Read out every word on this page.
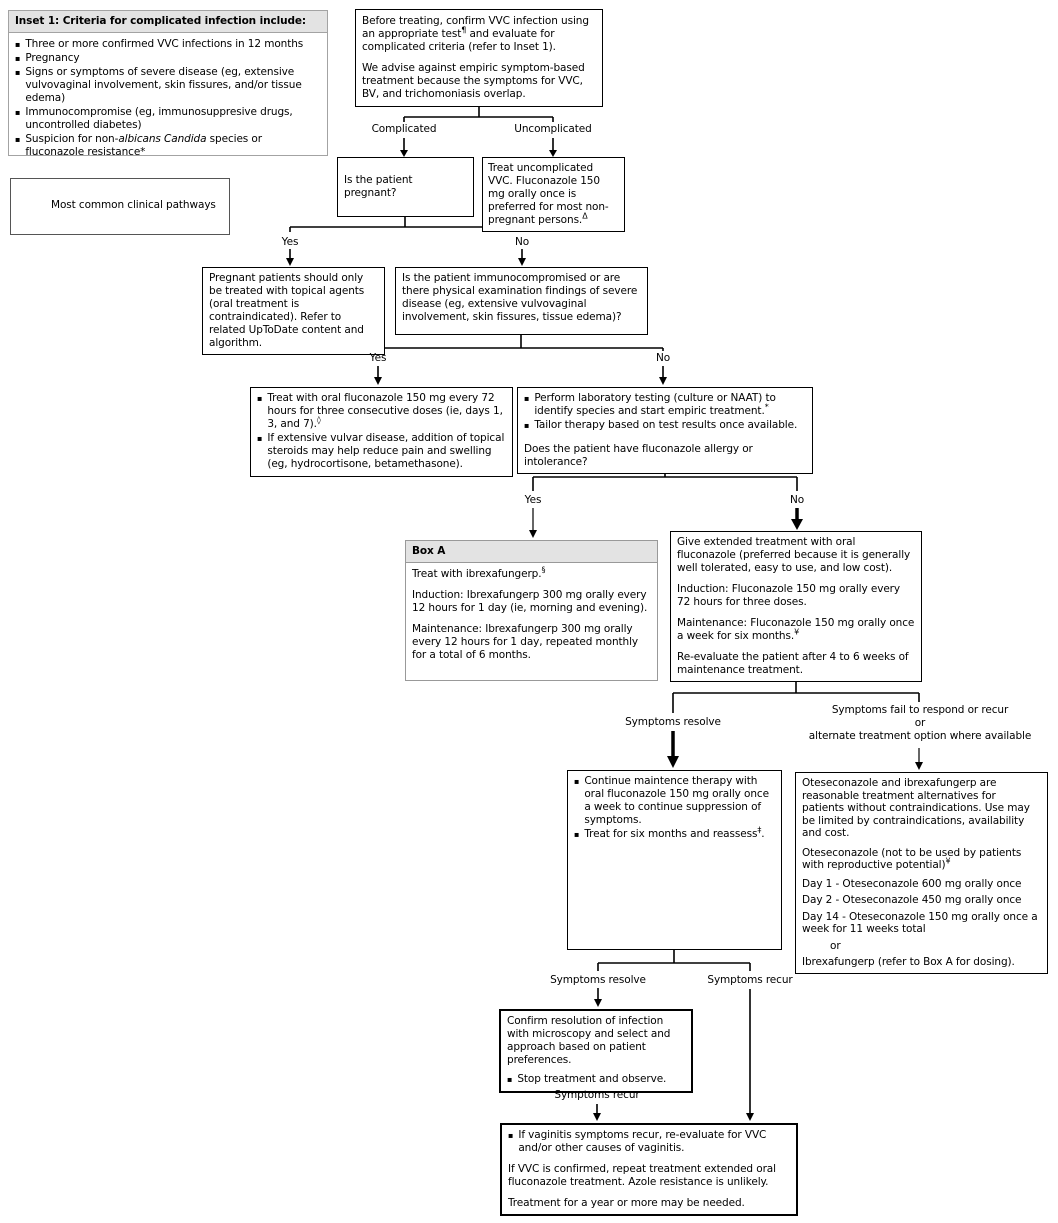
Inset 1: Criteria for complicated infection include:
▪ Three or more confirmed VVC infections in 12 months
▪ Pregnancy
▪ Signs or symptoms of severe disease (eg, extensive vulvovaginal involvement, skin fissures, and/or tissue edema)
▪ Immunocompromise (eg, immunosuppresive drugs, uncontrolled diabetes)
▪ Suspicion for non-albicans Candida species or fluconazole resistance*
Most common clinical pathways

Before treating, confirm VVC infection using an appropriate test¶ and evaluate for complicated criteria (refer to Inset 1).

We advise against empiric symptom-based treatment because the symptoms for VVC, BV, and trichomoniasis overlap.

Complicated	Uncomplicated
Is the patient pregnant?

Treat uncomplicated VVC. Fluconazole 150 mg orally once is preferred for most non-pregnant persons.$^\Delta$

Yes	No

Pregnant patients should only be treated with topical agents (oral treatment is contraindicated). Refer to related UpToDate content and algorithm.

Is the patient immunocompromised or are there physical examination findings of severe disease (eg, extensive vulvovaginal involvement, skin fissures, tissue edema)?

Yes	No
▪ Treat with oral fluconazole 150 mg every 72 hours for three consecutive doses (ie, days 1, 3, and 7).◊
▪ If extensive vulvar disease, addition of topical steroids may help reduce pain and swelling (eg, hydrocortisone, betamethasone).
▪ Perform laboratory testing (culture or NAAT) to identify species and start empiric treatment.*
▪ Tailor therapy based on test results once available.
Does the patient have fluconazole allergy or intolerance?
Yes	No
Box A

Treat with ibrexafungerp.§

Induction: Ibrexafungerp 300 mg orally every 12 hours for 1 day (ie, morning and evening).

Maintenance: Ibrexafungerp 300 mg orally every 12 hours for 1 day, repeated monthly for a total of 6 months.

Give extended treatment with oral fluconazole (preferred because it is generally well tolerated, easy to use, and low cost).

Induction: Fluconazole 150 mg orally every 72 hours for three doses.

Maintenance: Fluconazole 150 mg orally once a week for six months.¥

Re-evaluate the patient after 4 to 6 weeks of maintenance treatment.

Symptoms resolve
Symptoms fail to respond or recur
or
alternate treatment option where available
▪ Continue maintence therapy with oral fluconazole 150 mg orally once a week to continue suppression of symptoms.
▪ Treat for six months and reassess‡.

Oteseconazole and ibrexafungerp are reasonable treatment alternatives for patients without contraindications. Use may be limited by contraindications, availability and cost.

Oteseconazole (not to be used by patients with reproductive potential)¥

Day 1 - Oteseconazole 600 mg orally once
Day 2 - Oteseconazole 450 mg orally once
Day 14 - Oteseconazole 150 mg orally once a week for 11 weeks total
or
Ibrexafungerp (refer to Box A for dosing).
Symptoms resolve	Symptoms recur

Confirm resolution of infection with microscopy and select and approach based on patient preferences.

▪ Stop treatment and observe.
Symptoms recur
▪ If vaginitis symptoms recur, re-evaluate for VVC and/or other causes of vaginitis.

If VVC is confirmed, repeat treatment extended oral fluconazole treatment. Azole resistance is unlikely.

Treatment for a year or more may be needed.
